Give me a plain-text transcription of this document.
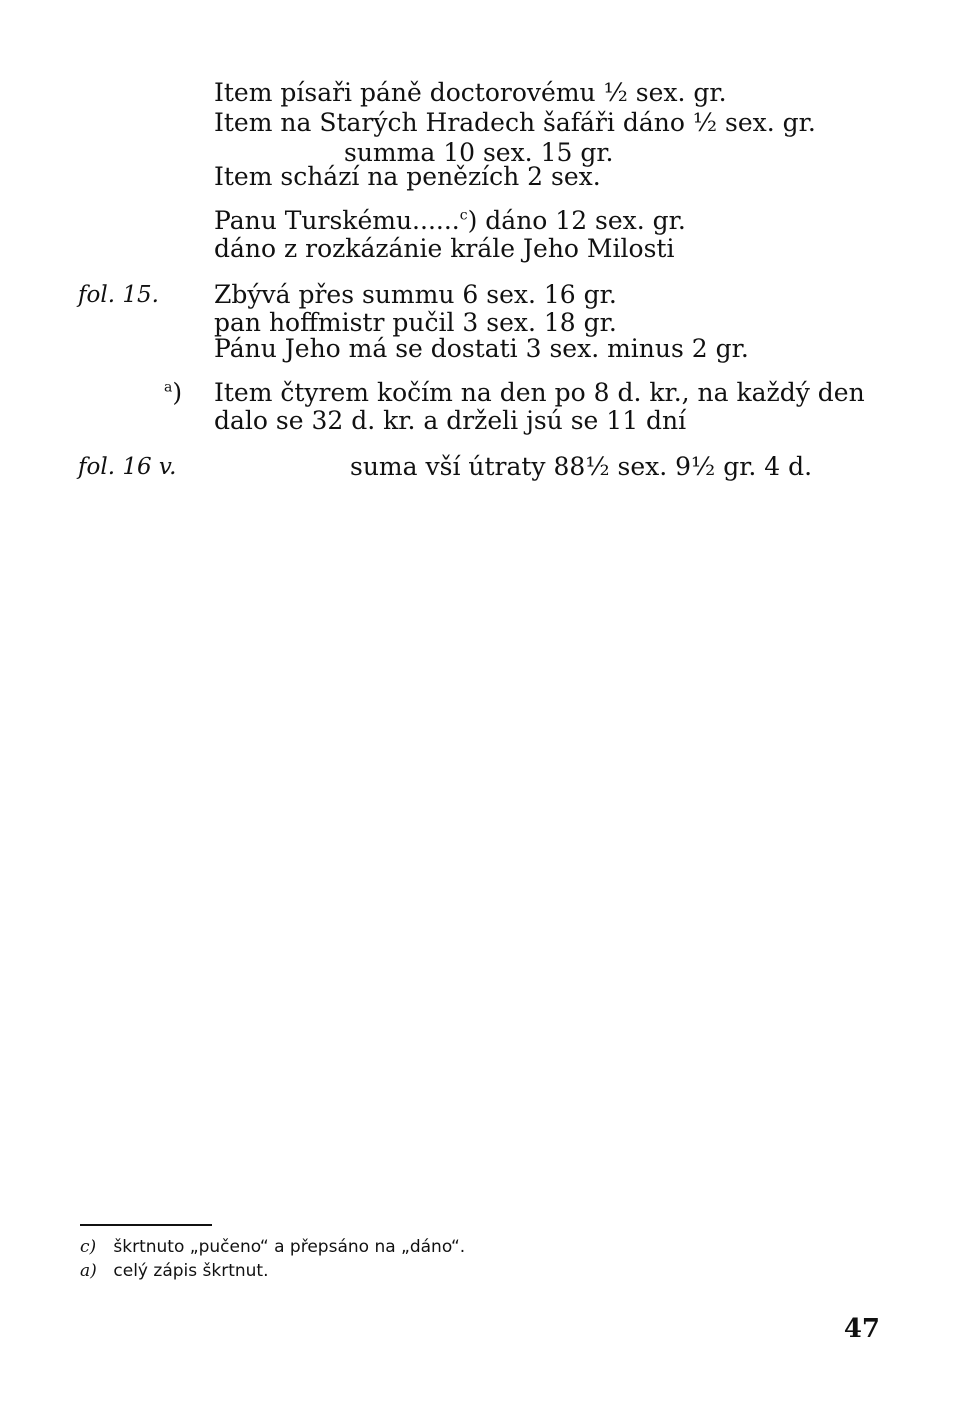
Item písaři páně doctorovému ½ sex. gr.
Item na Starých Hradech šafáři dáno ½ sex. gr.
summa 10 sex. 15 gr.
Item schází na penězích 2 sex.
Panu Turskému......$^c$) dáno 12 sex. gr.
dáno z rozkázánie krále Jeho Milosti
fol. 15. Zbývá přes summu 6 sex. 16 gr.
pan hoffmistr pučil 3 sex. 18 gr.
Pánu Jeho má se dostati 3 sex. minus 2 gr.
$^a$) Item čtyrem kočím na den po 8 d. kr., na každý den
dalo se 32 d. kr. a drželi jsú se 11 dní
fol. 16 v.	suma vší útraty 88½ sex. 9½ gr. 4 d.
c) škrtnuto „pučeno“ a přepsáno na „dáno“.
a) celý zápis škrtnut.
47
